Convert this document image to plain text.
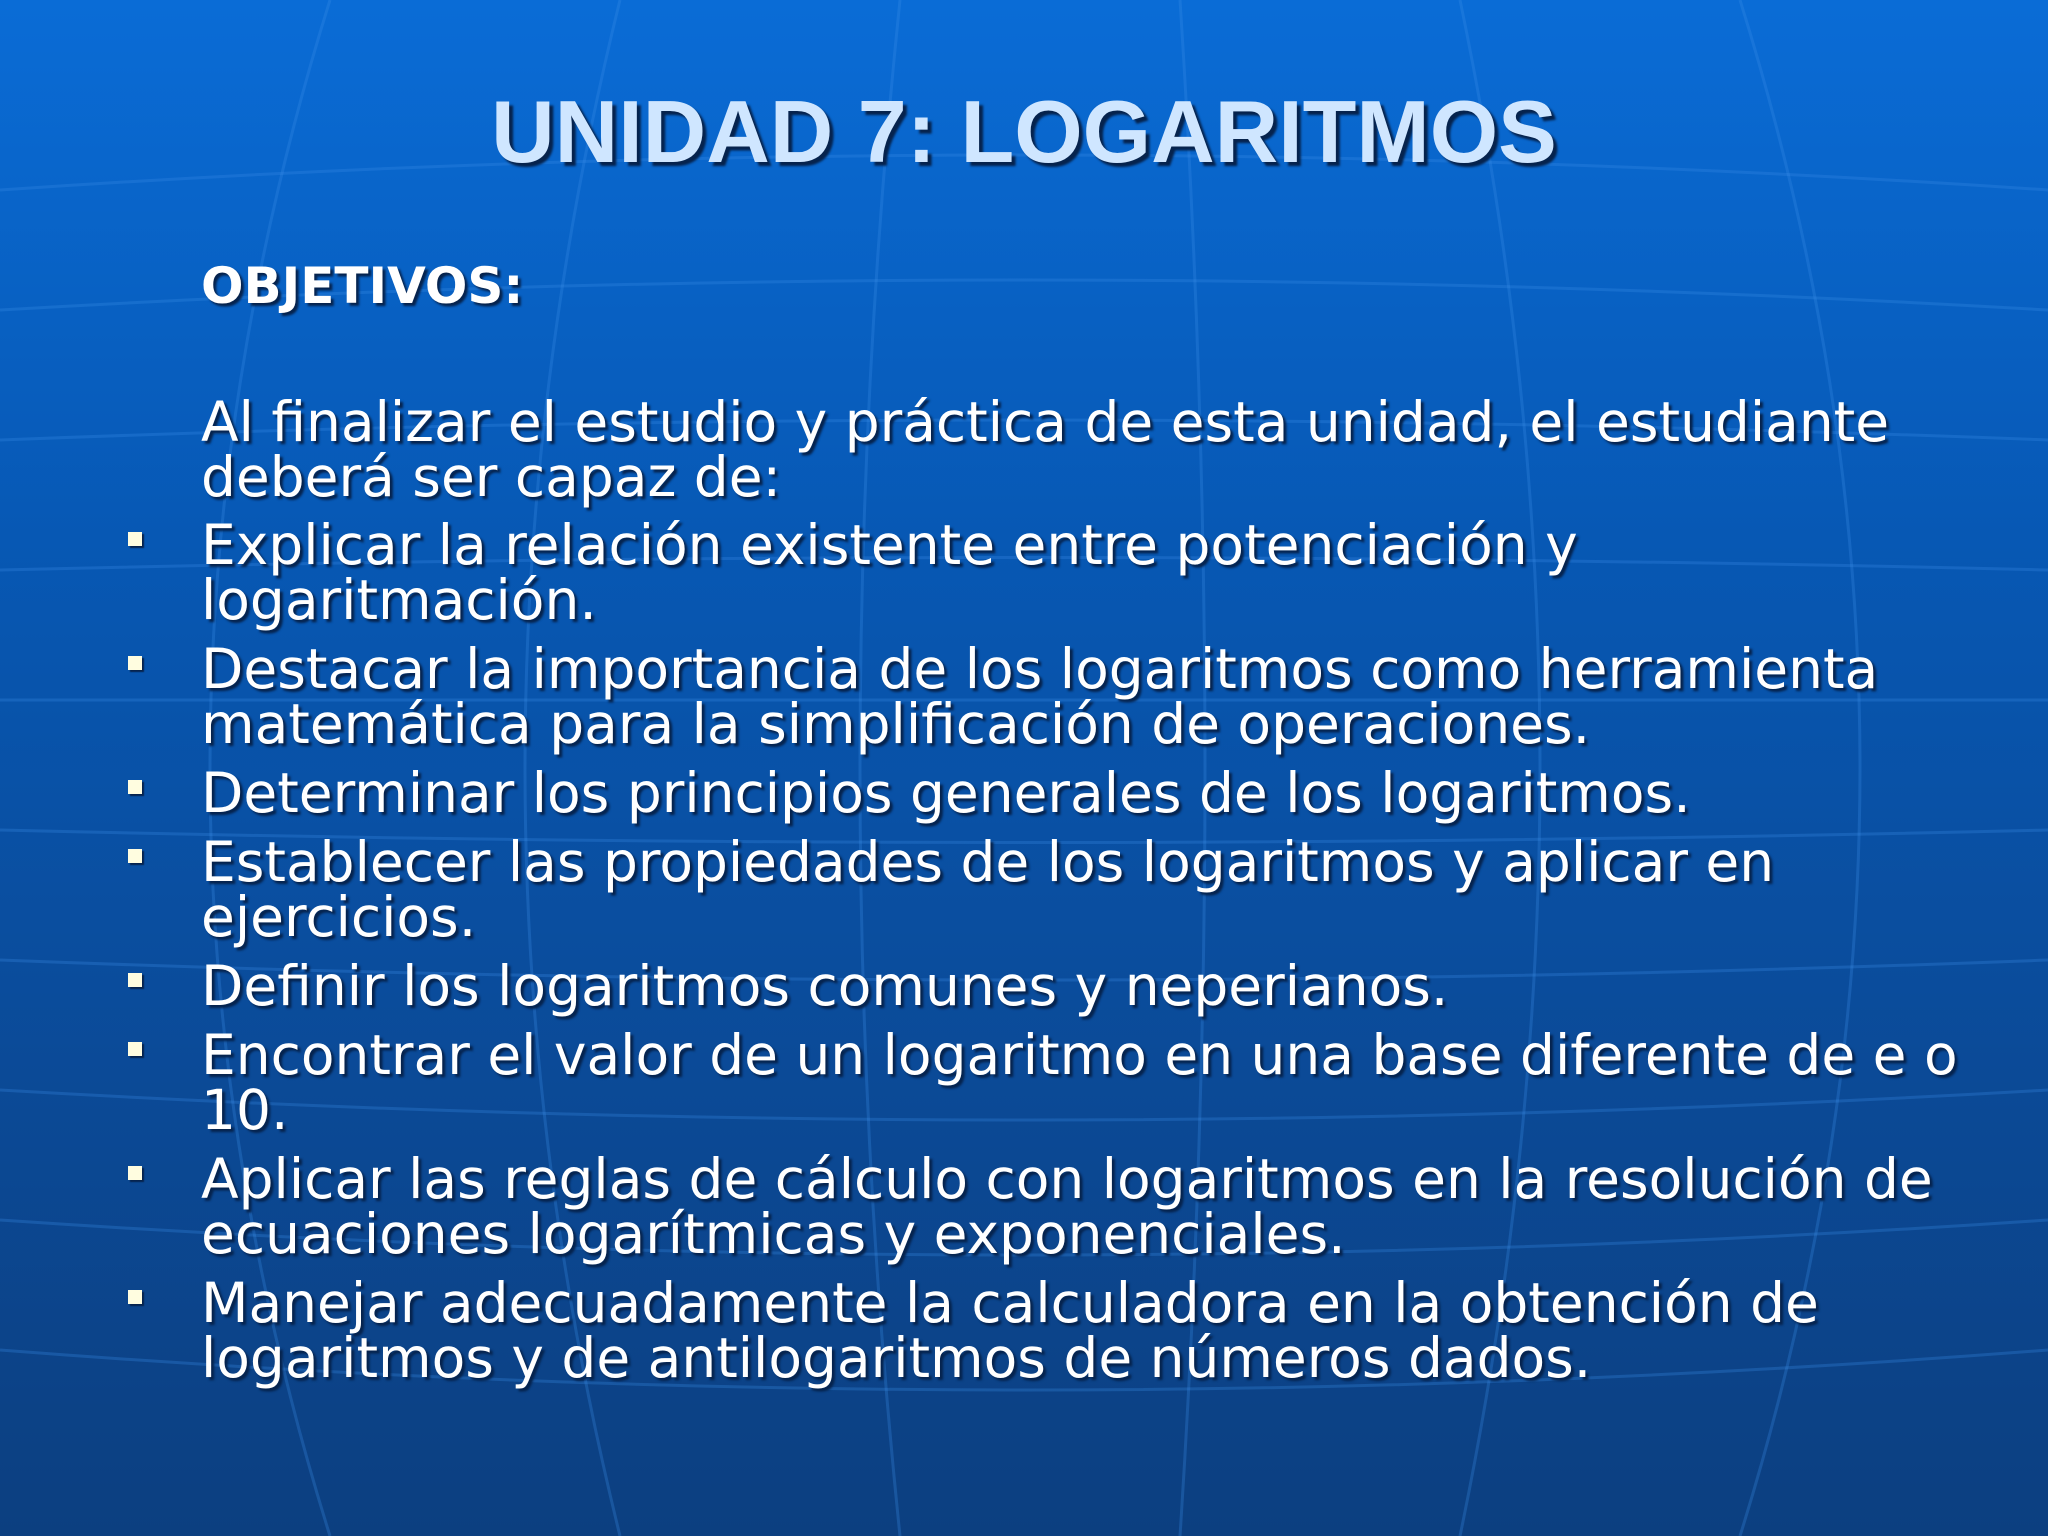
UNIDAD 7: LOGARITMOS
OBJETIVOS:
Al finalizar el estudio y práctica de esta unidad, el estudiante deberá ser capaz de:
Explicar la relación existente entre potenciación y logaritmación.
Destacar la importancia de los logaritmos como herramienta matemática para la simplificación de operaciones.
Determinar los principios generales de los logaritmos.
Establecer las propiedades de los logaritmos y aplicar en ejercicios.
Definir los logaritmos comunes y neperianos.
Encontrar el valor de un logaritmo en una base diferente de e o 10.
Aplicar las reglas de cálculo con logaritmos en la resolución de ecuaciones logarítmicas y exponenciales.
Manejar adecuadamente la calculadora en la obtención de logaritmos y de antilogaritmos de números dados.
